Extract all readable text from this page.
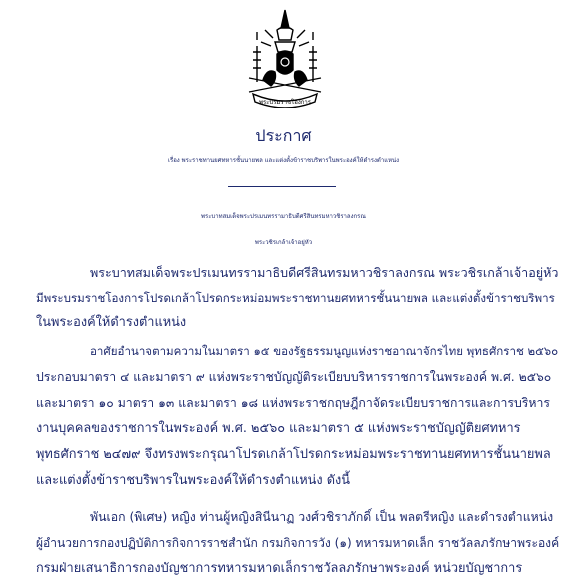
พระบรมราชโองการ
ประกาศ
เรื่อง พระราชทานยศทหารชั้นนายพล และแต่งตั้งข้าราชบริพารในพระองค์ให้ดำรงตำแหน่ง
พระบาทสมเด็จพระปรเมนทรรามาธิบดีศรีสินทรมหาวชิราลงกรณ
พระวชิรเกล้าเจ้าอยู่หัว
พระบาทสมเด็จพระปรเมนทรรามาธิบดีศรีสินทรมหาวชิราลงกรณ พระวชิรเกล้าเจ้าอยู่หัว
มีพระบรมราชโองการโปรดเกล้าโปรดกระหม่อมพระราชทานยศทหารชั้นนายพล และแต่งตั้งข้าราชบริพาร
ในพระองค์ให้ดำรงตำแหน่ง
อาศัยอำนาจตามความในมาตรา ๑๕ ของรัฐธรรมนูญแห่งราชอาณาจักรไทย พุทธศักราช ๒๕๖๐
ประกอบมาตรา ๔ และมาตรา ๙ แห่งพระราชบัญญัติระเบียบบริหารราชการในพระองค์ พ.ศ. ๒๕๖๐
และมาตรา ๑๐ มาตรา ๑๓ และมาตรา ๑๘ แห่งพระราชกฤษฎีกาจัดระเบียบราชการและการบริหาร
งานบุคคลของราชการในพระองค์ พ.ศ. ๒๕๖๐ และมาตรา ๕ แห่งพระราชบัญญัติยศทหาร
พุทธศักราช ๒๔๗๙ จึงทรงพระกรุณาโปรดเกล้าโปรดกระหม่อมพระราชทานยศทหารชั้นนายพล
และแต่งตั้งข้าราชบริพารในพระองค์ให้ดำรงตำแหน่ง ดังนี้
พันเอก (พิเศษ) หญิง ท่านผู้หญิงสินีนาฏ วงศ์วชิราภักดิ์ เป็น พลตรีหญิง และดำรงตำแหน่ง
ผู้อำนวยการกองปฏิบัติการกิจการราชสำนัก กรมกิจการวัง (๑) ทหารมหาดเล็ก ราชวัลลภรักษาพระองค์
กรมฝ่ายเสนาธิการกองบัญชาการทหารมหาดเล็กราชวัลลภรักษาพระองค์ หน่วยบัญชาการ
